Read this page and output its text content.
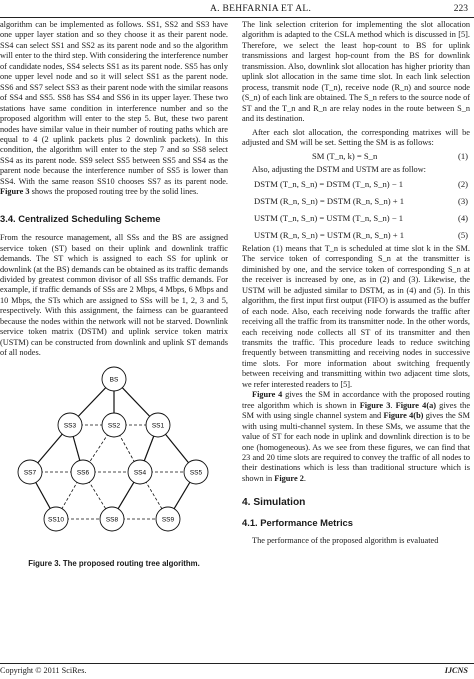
A. BEHFARNIA ET AL.	223

algorithm can be implemented as follows. SS1, SS2 and SS3 have one upper layer station and so they choose it as their parent node. SS4 can select SS1 and SS2 as its parent node and so the algorithm will enter to the third step. With considering the interference number of candidate nodes, SS4 selects SS1 as its parent node. SS5 has only one upper level node and so it will select SS1 as the parent node. SS6 and SS7 select SS3 as their parent node with the similar reasons of SS4 and SS5. SS8 has SS4 and SS6 in its upper layer. These two stations have same condition in interference number and so the proposed algorithm will enter to the step 5. But, these two parent nodes have similar value in their number of routing paths which are equal to 4 (2 uplink packets plus 2 downlink packets). In this condition, the algorithm will enter to the step 7 and so SS8 select SS4 as its parent node. SS9 select SS5 between SS5 and SS4 as the parent node because the interference number of SS5 is lower than SS4. With the same reason SS10 chooses SS7 as its parent node. Figure 3 shows the proposed routing tree by the solid lines.

3.4. Centralized Scheduling Scheme

From the resource management, all SSs and the BS are assigned service token (ST) based on their uplink and downlink traffic demands. The ST which is assigned to each SS for uplink or downlink (at the BS) demands can be obtained as its traffic demands divided by greatest common divisor of all SSs traffic demands. For example, if traffic demands of SSs are 2 Mbps, 4 Mbps, 6 Mbps and 10 Mbps, the STs which are assigned to SSs will be 1, 2, 3 and 5, respectively. With this assignment, the fairness can be guaranteed because the nodes within the network will not be starved. Downlink service token matrix (DSTM) and uplink service token matrix (USTM) can be constructed from downlink and uplink ST demands of all nodes.

BS
SS3	SS2	SS1
SS7	SS6	SS4	SS5
SS10	SS8	SS9

Figure 3. The proposed routing tree algorithm.

The link selection criterion for implementing the slot allocation algorithm is adapted to the CSLA method which is discussed in [5]. Therefore, we select the least hop-count to BS for uplink transmissions and largest hop-count from the BS for downlink transmission. Also, downlink slot allocation has higher priority than uplink slot allocation in the same time slot. In each link selection process, transmit node (T_n), receive node (R_n) and source node (S_n) of each link are obtained. The S_n refers to the source node of ST and the T_n and R_n are relay nodes in the route between S_n and its destination.

After each slot allocation, the corresponding matrixes will be adjusted and SM will be set. Setting the SM is as follows:

SM (T_n, k) = S_n	(1)

Also, adjusting the DSTM and USTM are as follow:

DSTM (T_n, S_n) = DSTM (T_n, S_n) − 1	(2)
DSTM (R_n, S_n) = DSTM (R_n, S_n) + 1	(3)
USTM (T_n, S_n) = USTM (T_n, S_n) − 1	(4)
USTM (R_n, S_n) = USTM (R_n, S_n) + 1	(5)

Relation (1) means that T_n is scheduled at time slot k in the SM. The service token of corresponding S_n at the transmitter is diminished by one, and the service token of corresponding S_n at the receiver is increased by one, as in (2) and (3). Likewise, the USTM will be adjusted similar to DSTM, as in (4) and (5). In this algorithm, the first input first output (FIFO) is assumed as the buffer of each node. Also, each receiving node forwards the traffic after receiving all the traffic from its transmitter node. In the other words, each receiving node collects all ST of its transmitter and then transmits the traffic. This procedure leads to reduce switching frequently between transmitting and receiving nodes in successive time slots. For more information about switching frequently between receiving and transmitting within two adjacent time slots, we refer interested readers to [5].

Figure 4 gives the SM in accordance with the proposed routing tree algorithm which is shown in Figure 3. Figure 4(a) gives the SM with using single channel system and Figure 4(b) gives the SM with using multi-channel system. In these SMs, we assume that the value of ST for each node in uplink and downlink direction is to be one (homogeneous). As we see from these figures, we can find that 23 and 20 time slots are required to convey the traffic of all nodes to their destinations which is less than traditional structure which is shown in Figure 2.

4. Simulation

4.1. Performance Metrics

The performance of the proposed algorithm is evaluated

Copyright © 2011 SciRes.	IJCNS
